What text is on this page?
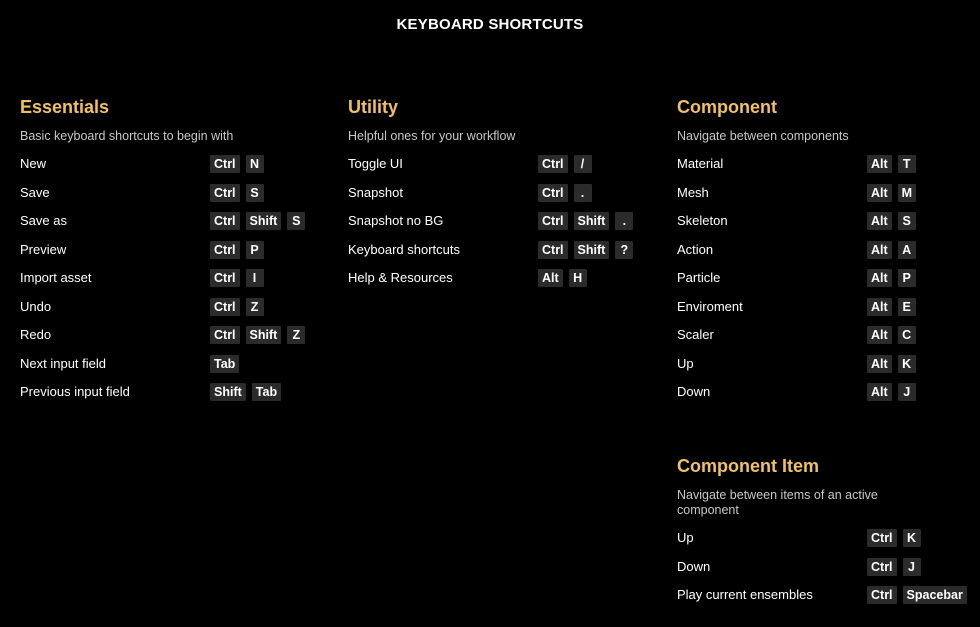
KEYBOARD SHORTCUTS
Essentials
Basic keyboard shortcuts to begin with
New	Ctrl	N
Save	Ctrl	S
Save as	Ctrl	Shift	S
Preview	Ctrl	P
Import asset	Ctrl	I
Undo	Ctrl	Z
Redo	Ctrl	Shift	Z
Next input field	Tab
Previous input field	Shift	Tab
Utility
Helpful ones for your workflow
Toggle UI	Ctrl	/
Snapshot	Ctrl	.
Snapshot no BG	Ctrl	Shift	.
Keyboard shortcuts	Ctrl	Shift	?
Help & Resources	Alt	H
Component
Navigate between components
Material	Alt	T
Mesh	Alt	M
Skeleton	Alt	S
Action	Alt	A
Particle	Alt	P
Enviroment	Alt	E
Scaler	Alt	C
Up	Alt	K
Down	Alt	J
Component Item
Navigate between items of an active component
Up	Ctrl	K
Down	Ctrl	J
Play current ensembles	Ctrl	Spacebar
